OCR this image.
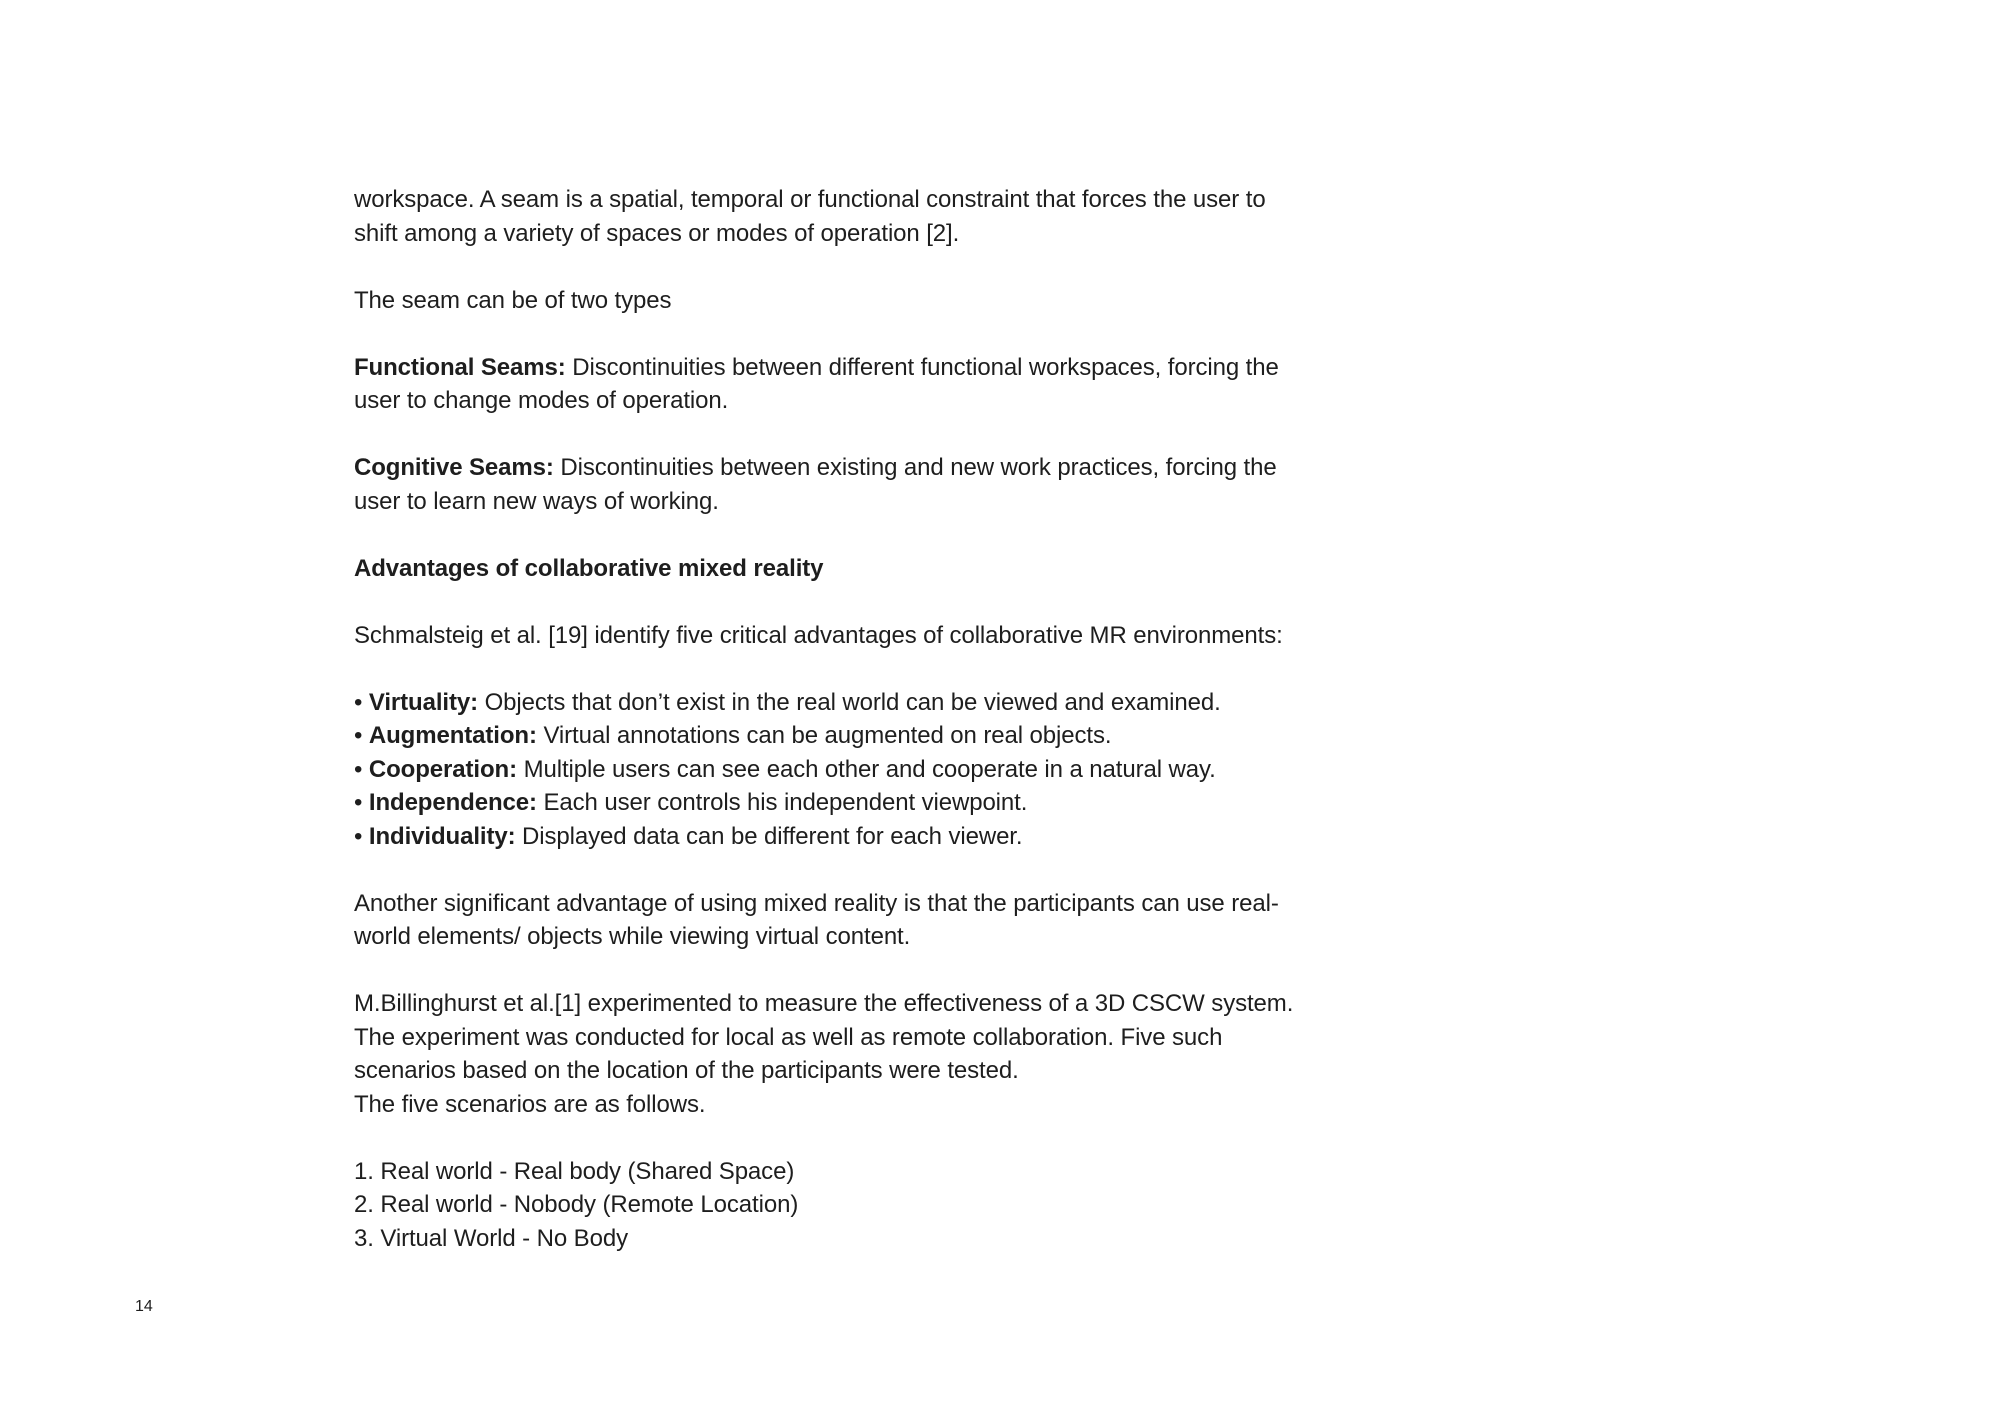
workspace. A seam is a spatial, temporal or functional constraint that forces the user to shift among a variety of spaces or modes of operation [2].

The seam can be of two types

Functional Seams: Discontinuities between different functional workspaces, forcing the user to change modes of operation.

Cognitive Seams: Discontinuities between existing and new work practices, forcing the user to learn new ways of working.

Advantages of collaborative mixed reality

Schmalsteig et al. [19] identify five critical advantages of collaborative MR environments:

• Virtuality: Objects that don’t exist in the real world can be viewed and examined.

• Augmentation: Virtual annotations can be augmented on real objects.

• Cooperation: Multiple users can see each other and cooperate in a natural way.

• Independence: Each user controls his independent viewpoint.

• Individuality: Displayed data can be different for each viewer.

Another significant advantage of using mixed reality is that the participants can use real-world elements/ objects while viewing virtual content.

M.Billinghurst et al.[1] experimented to measure the effectiveness of a 3D CSCW system. The experiment was conducted for local as well as remote collaboration. Five such scenarios based on the location of the participants were tested.

The five scenarios are as follows.

1. Real world - Real body (Shared Space)

2. Real world - Nobody (Remote Location)

3. Virtual World - No Body

14
